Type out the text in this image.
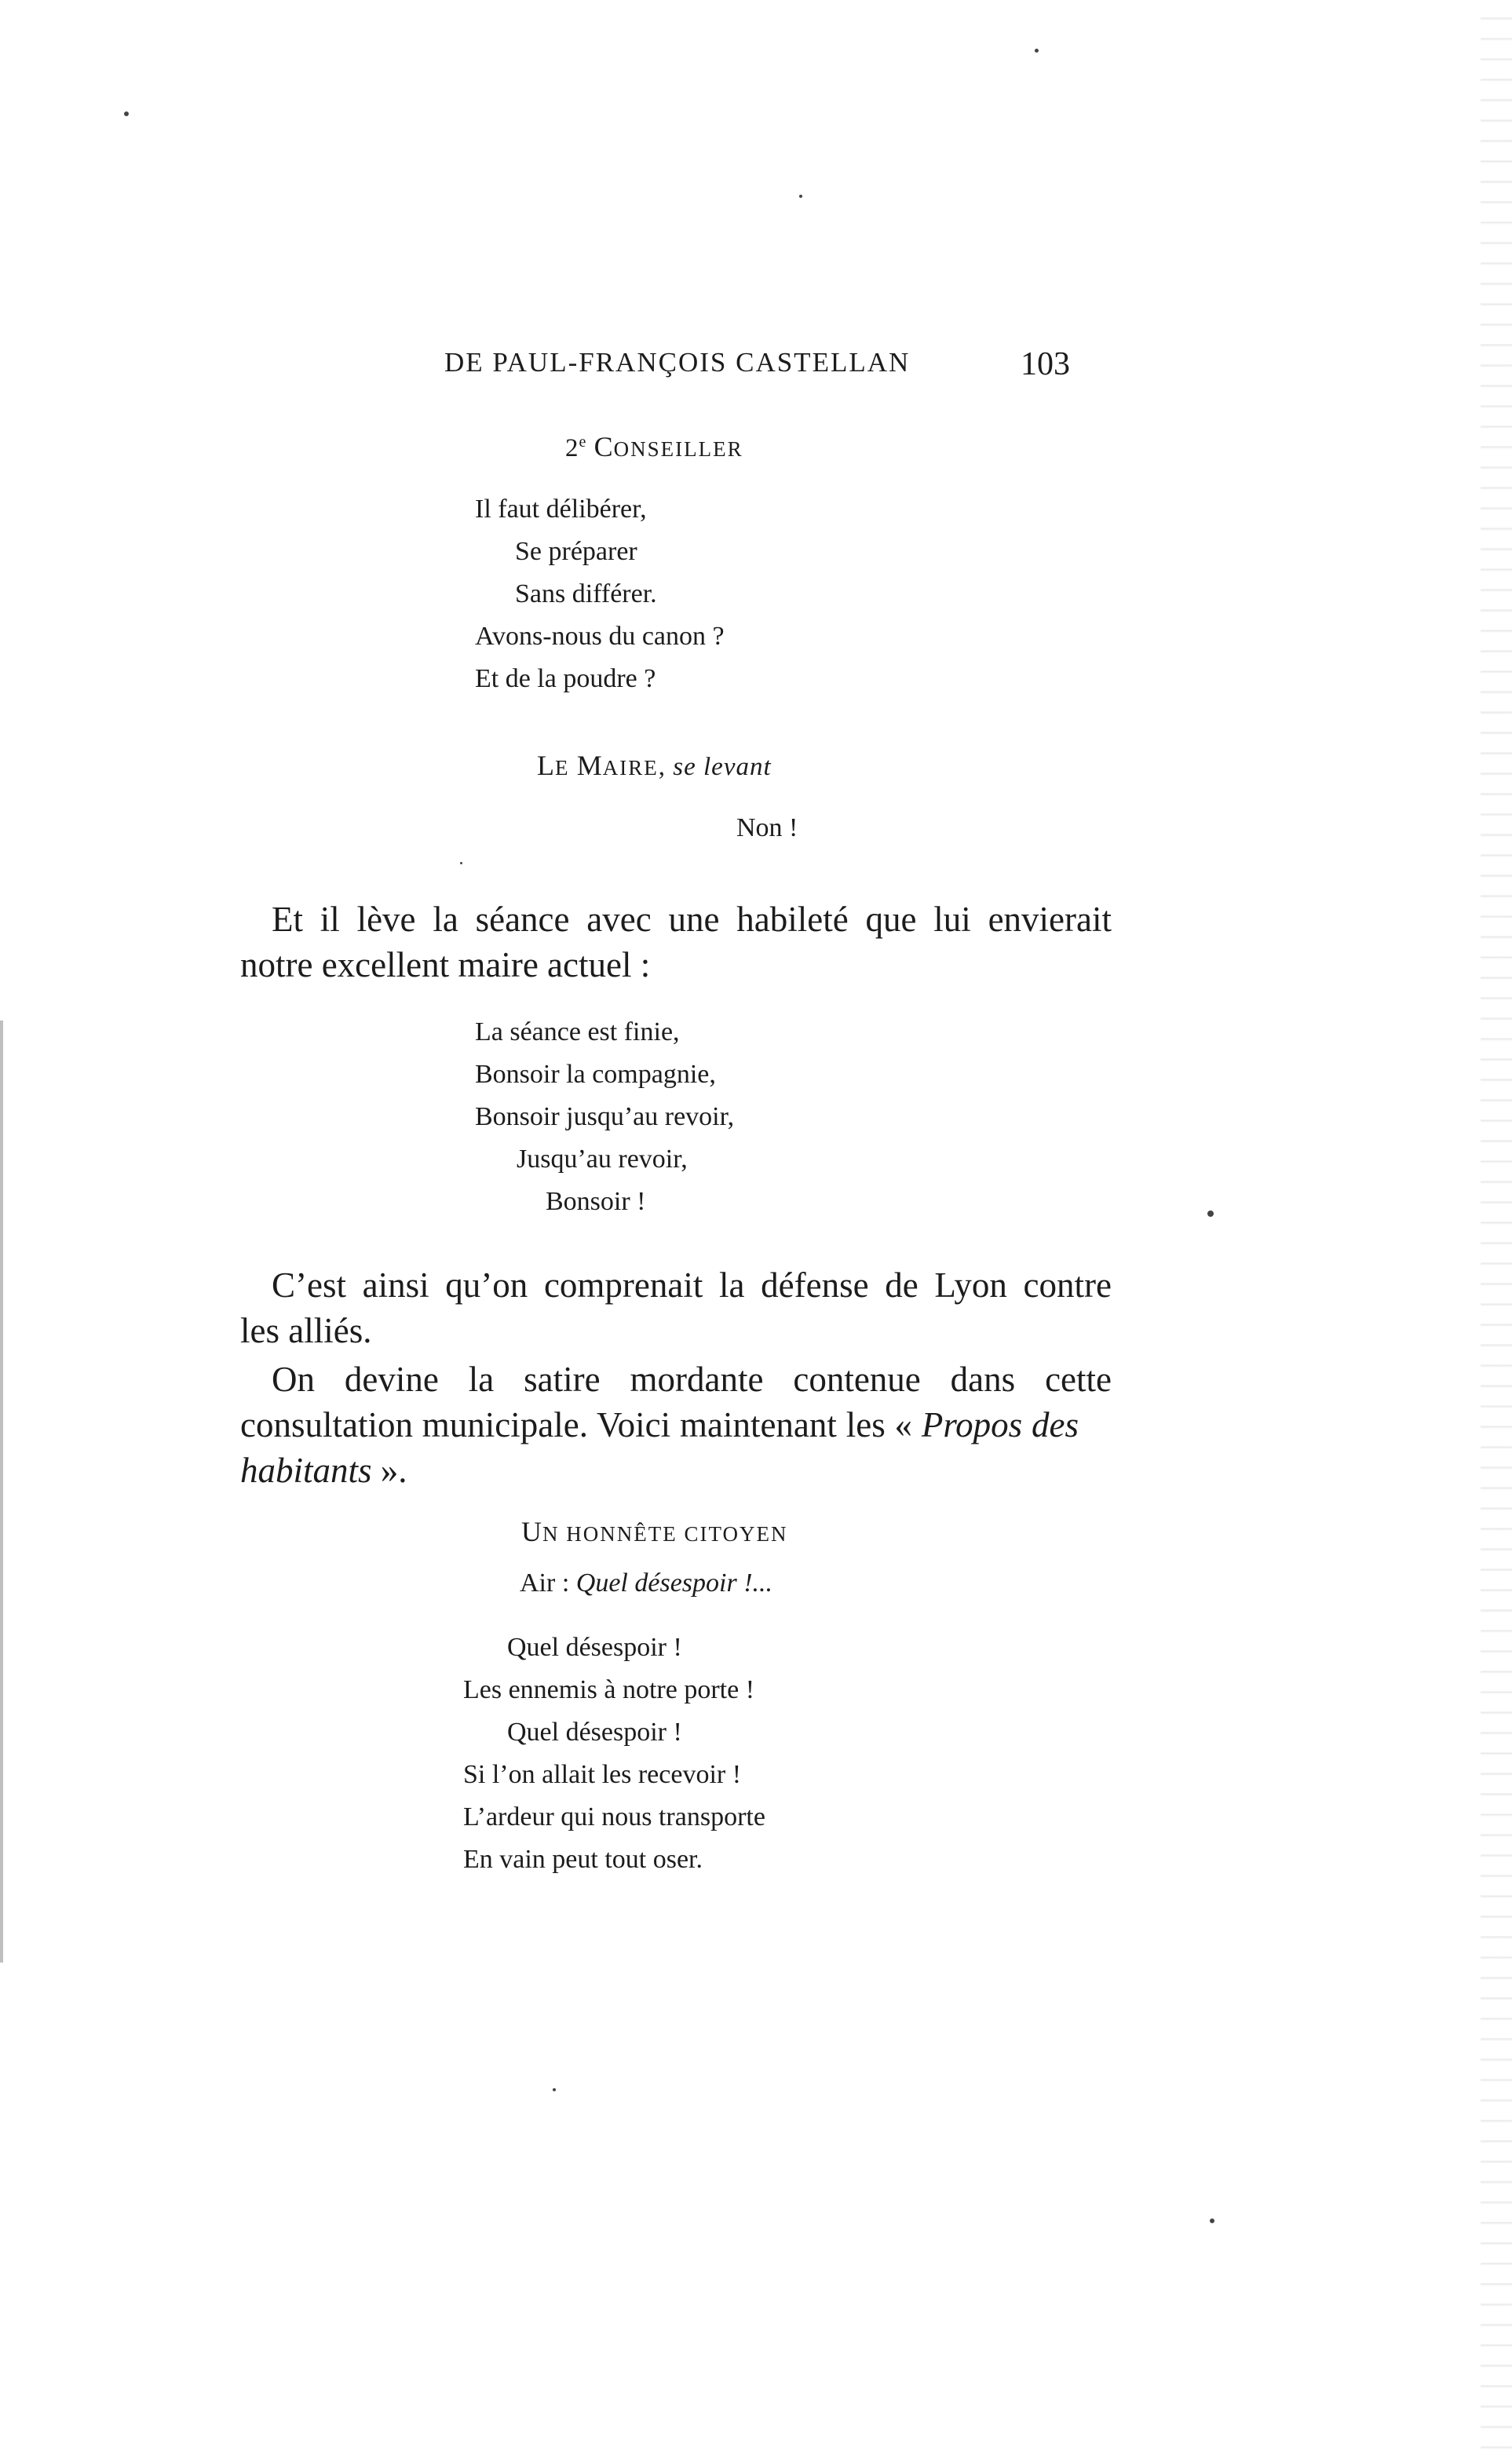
DE PAUL-FRANÇOIS CASTELLAN	103
2e CONSEILLER
Il faut délibérer,
Se préparer
Sans différer.
Avons-nous du canon ?
Et de la poudre ?
LE MAIRE, se levant
Non !
Et il lève la séance avec une habileté que lui envierait
notre excellent maire actuel :
La séance est finie,
Bonsoir la compagnie,
Bonsoir jusqu’au revoir,
Jusqu’au revoir,
Bonsoir !
C’est ainsi qu’on comprenait la défense de Lyon contre
les alliés.
On devine la satire mordante contenue dans cette
consultation municipale. Voici maintenant les « Propos des
habitants ».
UN HONNÊTE CITOYEN
Air : Quel désespoir !...
Quel désespoir !
Les ennemis à notre porte !
Quel désespoir !
Si l’on allait les recevoir !
L’ardeur qui nous transporte
En vain peut tout oser.
